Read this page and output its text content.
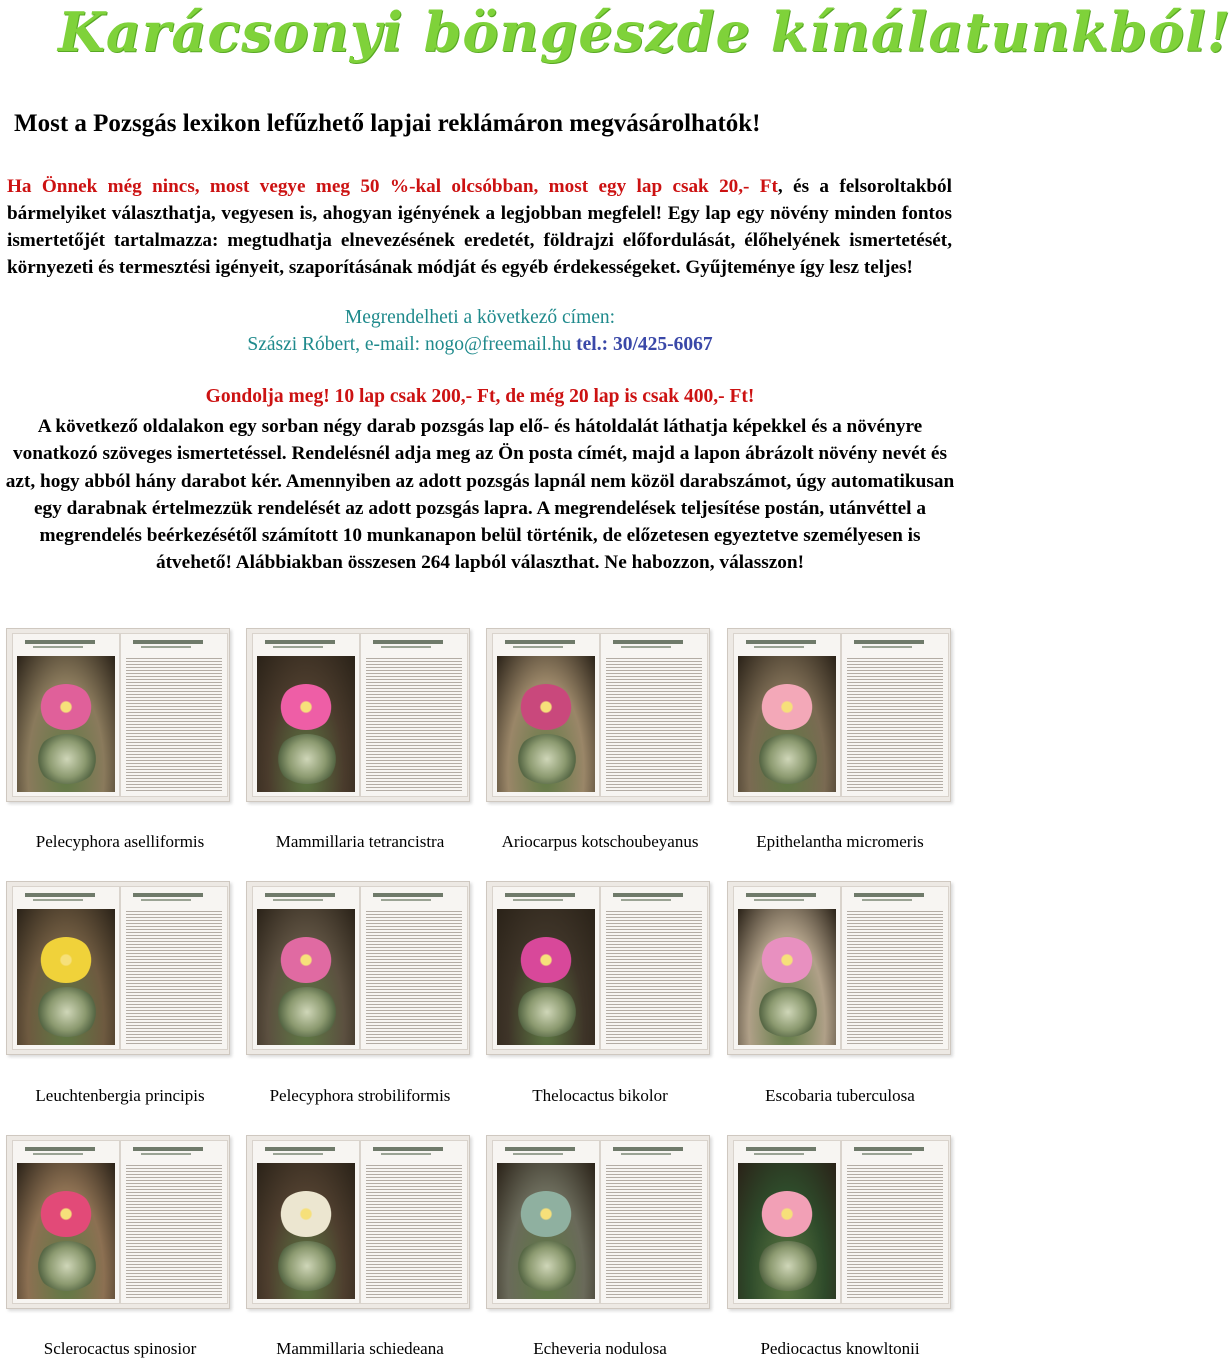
Karácsonyi böngészde kínálatunkból!
Most a Pozsgás lexikon lefűzhető lapjai reklámáron megvásárolhatók!

Ha Önnek még nincs, most vegye meg 50 %-kal olcsóbban, most egy lap csak 20,- Ft, és a felsoroltakból bármelyiket választhatja, vegyesen is, ahogyan igényének a legjobban megfelel! Egy lap egy növény minden fontos ismertetőjét tartalmazza: megtudhatja elnevezésének eredetét, földrajzi előfordulását, élőhelyének ismertetését, környezeti és termesztési igényeit, szaporításának módját és egyéb érdekességeket. Gyűjteménye így lesz teljes!

Megrendelheti a következő címen:

Szászi Róbert, e-mail: nogo@freemail.hu tel.: 30/425-6067

Gondolja meg! 10 lap csak 200,- Ft, de még 20 lap is csak 400,- Ft!

A következő oldalakon egy sorban négy darab pozsgás lap elő- és hátoldalát láthatja képekkel és a növényre vonatkozó szöveges ismertetéssel. Rendelésnél adja meg az Ön posta címét, majd a lapon ábrázolt növény nevét és azt, hogy abból hány darabot kér. Amennyiben az adott pozsgás lapnál nem közöl darabszámot, úgy automatikusan egy darabnak értelmezzük rendelését az adott pozsgás lapra. A megrendelések teljesítése postán, utánvéttel a megrendelés beérkezésétől számított 10 munkanapon belül történik, de előzetesen egyeztetve személyesen is átvehető! Alábbiakban összesen 264 lapból választhat. Ne habozzon, válasszon!

Pelecyphora aselliformis	Mammillaria tetrancistra	Ariocarpus kotschoubeyanus	Epithelantha micromeris

Leuchtenbergia principis	Pelecyphora strobiliformis	Thelocactus bikolor	Escobaria tuberculosa

Sclerocactus spinosior	Mammillaria schiedeana	Echeveria nodulosa	Pediocactus knowltonii
